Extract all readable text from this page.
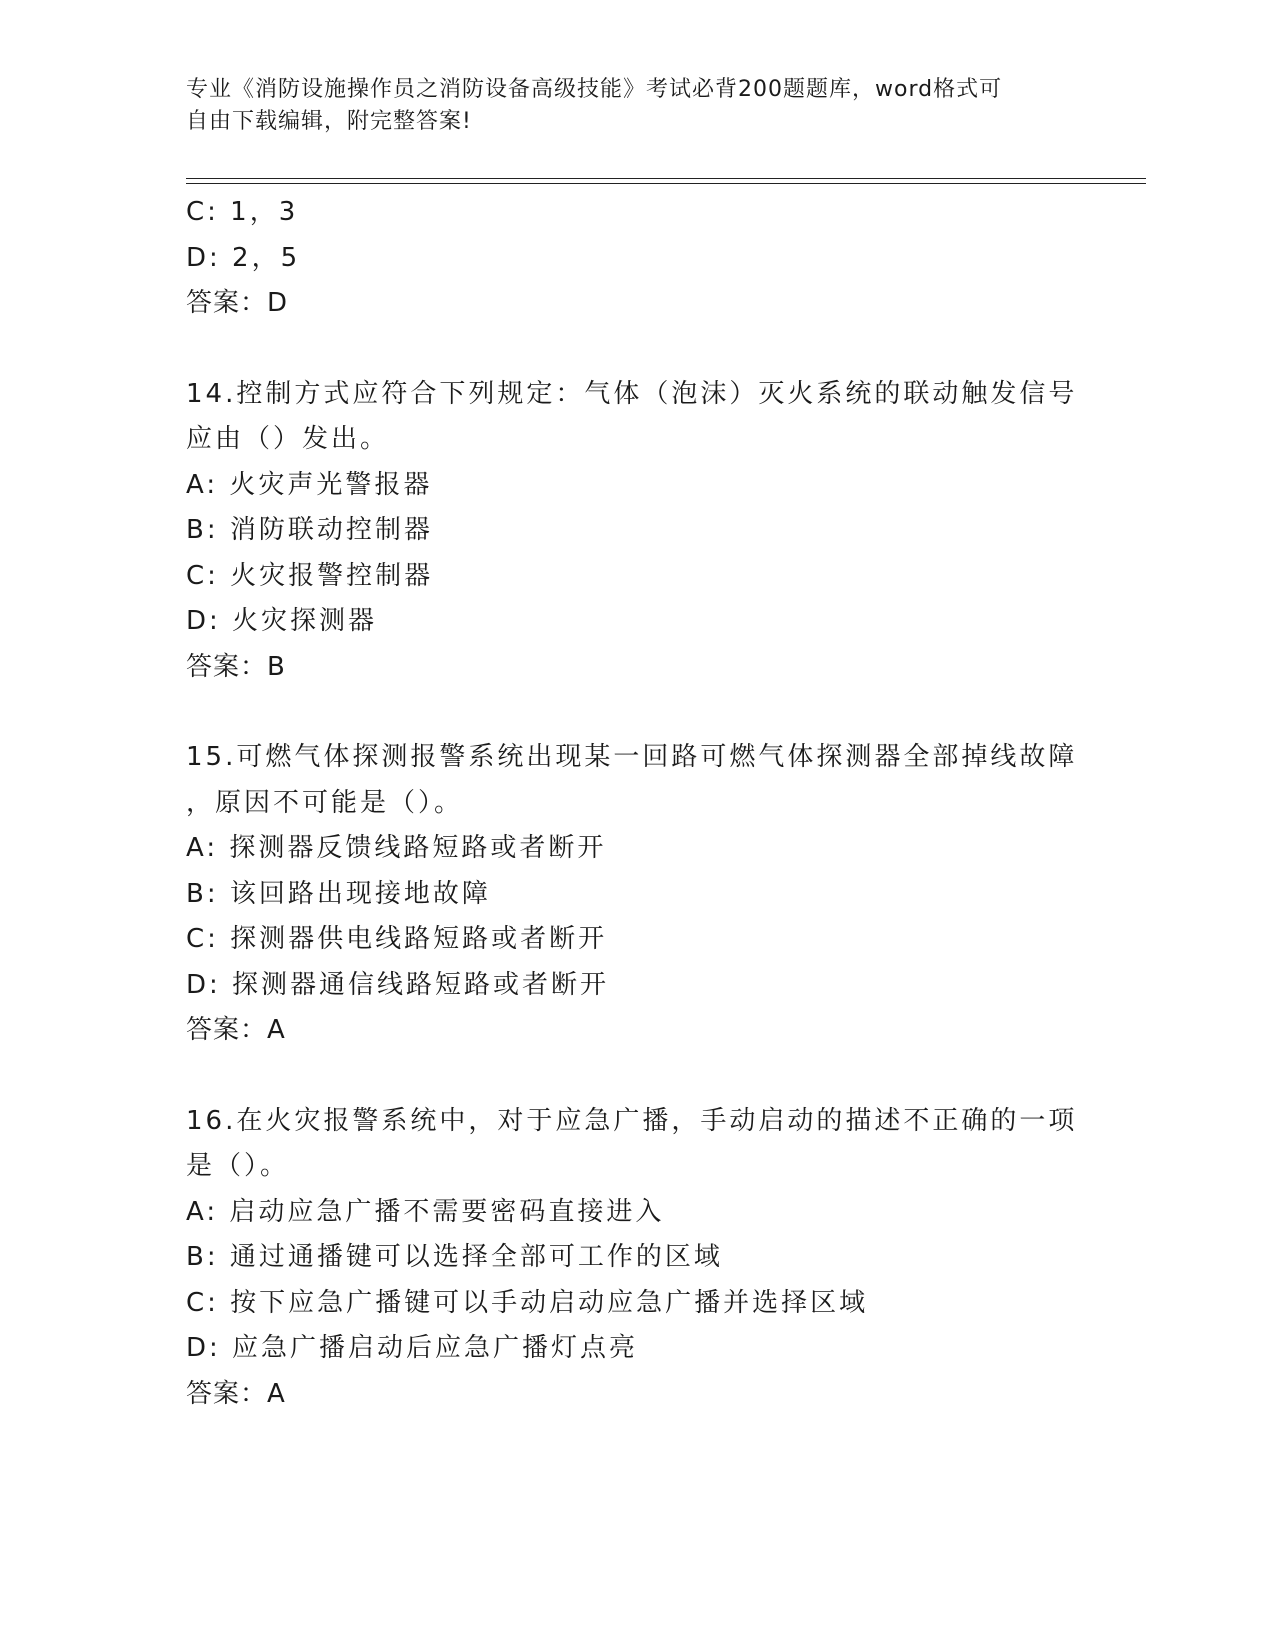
专业《消防设施操作员之消防设备高级技能》考试必背200题题库，word格式可
自由下载编辑，附完整答案!
C: 1，3
D: 2，5
答案：D
14.控制方式应符合下列规定：气体（泡沫）灭火系统的联动触发信号
应由（）发出。
A: 火灾声光警报器
B: 消防联动控制器
C: 火灾报警控制器
D: 火灾探测器
答案：B
15.可燃气体探测报警系统出现某一回路可燃气体探测器全部掉线故障
，原因不可能是（）。
A: 探测器反馈线路短路或者断开
B: 该回路出现接地故障
C: 探测器供电线路短路或者断开
D: 探测器通信线路短路或者断开
答案：A
16.在火灾报警系统中，对于应急广播，手动启动的描述不正确的一项
是（）。
A: 启动应急广播不需要密码直接进入
B: 通过通播键可以选择全部可工作的区域
C: 按下应急广播键可以手动启动应急广播并选择区域
D: 应急广播启动后应急广播灯点亮
答案：A
